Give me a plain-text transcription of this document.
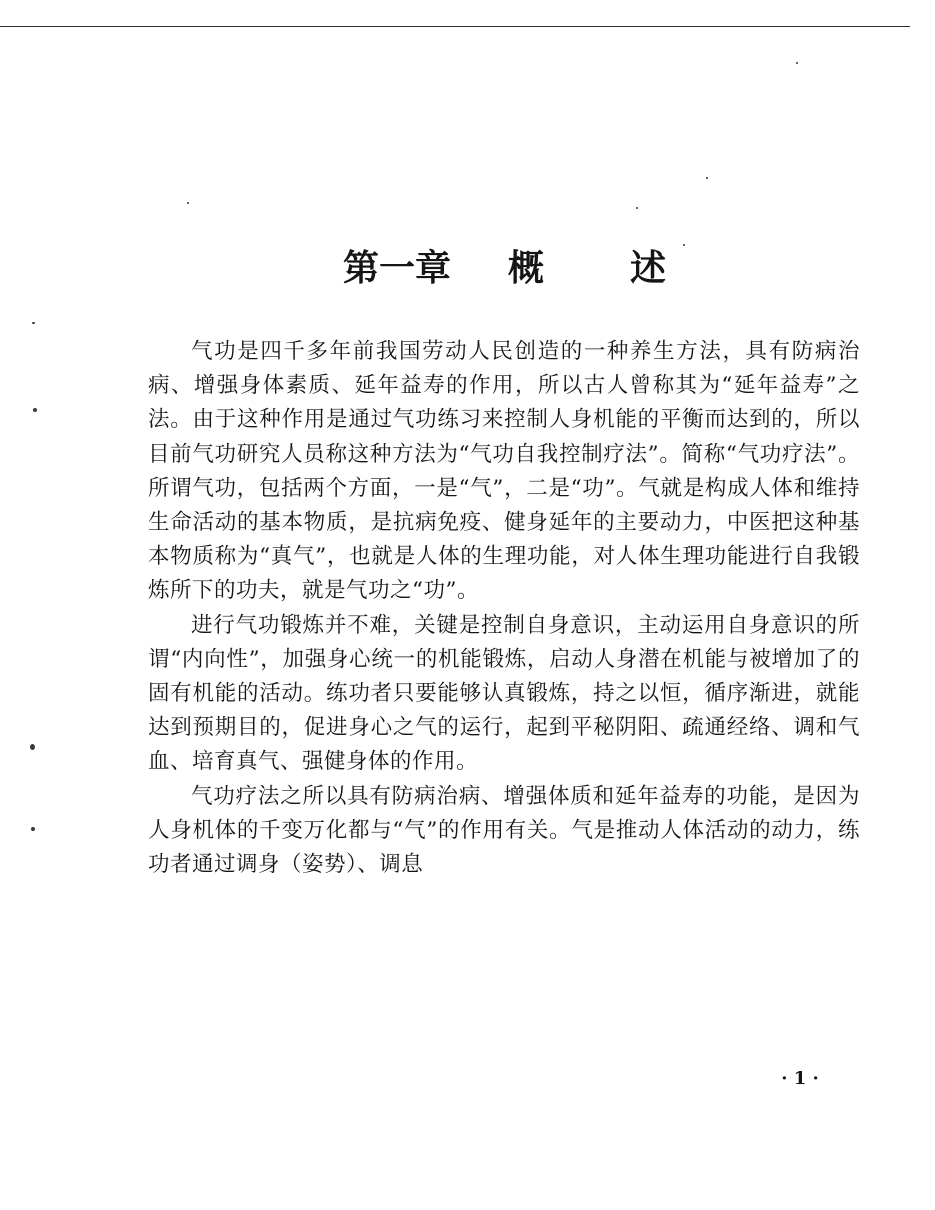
第一章 概 述

气功是四千多年前我国劳动人民创造的一种养生方法，具有防病治病、增强身体素质、延年益寿的作用，所以古人曾称其为“延年益寿”之法。由于这种作用是通过气功练习来控制人身机能的平衡而达到的，所以目前气功研究人员称这种方法为“气功自我控制疗法”。简称“气功疗法”。所谓气功，包括两个方面，一是“气”，二是“功”。气就是构成人体和维持生命活动的基本物质，是抗病免疫、健身延年的主要动力，中医把这种基本物质称为“真气”，也就是人体的生理功能，对人体生理功能进行自我锻炼所下的功夫，就是气功之“功”。

进行气功锻炼并不难，关键是控制自身意识，主动运用自身意识的所谓“内向性”，加强身心统一的机能锻炼，启动人身潜在机能与被增加了的固有机能的活动。练功者只要能够认真锻炼，持之以恒，循序渐进，就能达到预期目的，促进身心之气的运行，起到平秘阴阳、疏通经络、调和气血、培育真气、强健身体的作用。

气功疗法之所以具有防病治病、增强体质和延年益寿的功能，是因为人身机体的千变万化都与“气”的作用有关。气是推动人体活动的动力，练功者通过调身（姿势）、调息

· 1 ·
